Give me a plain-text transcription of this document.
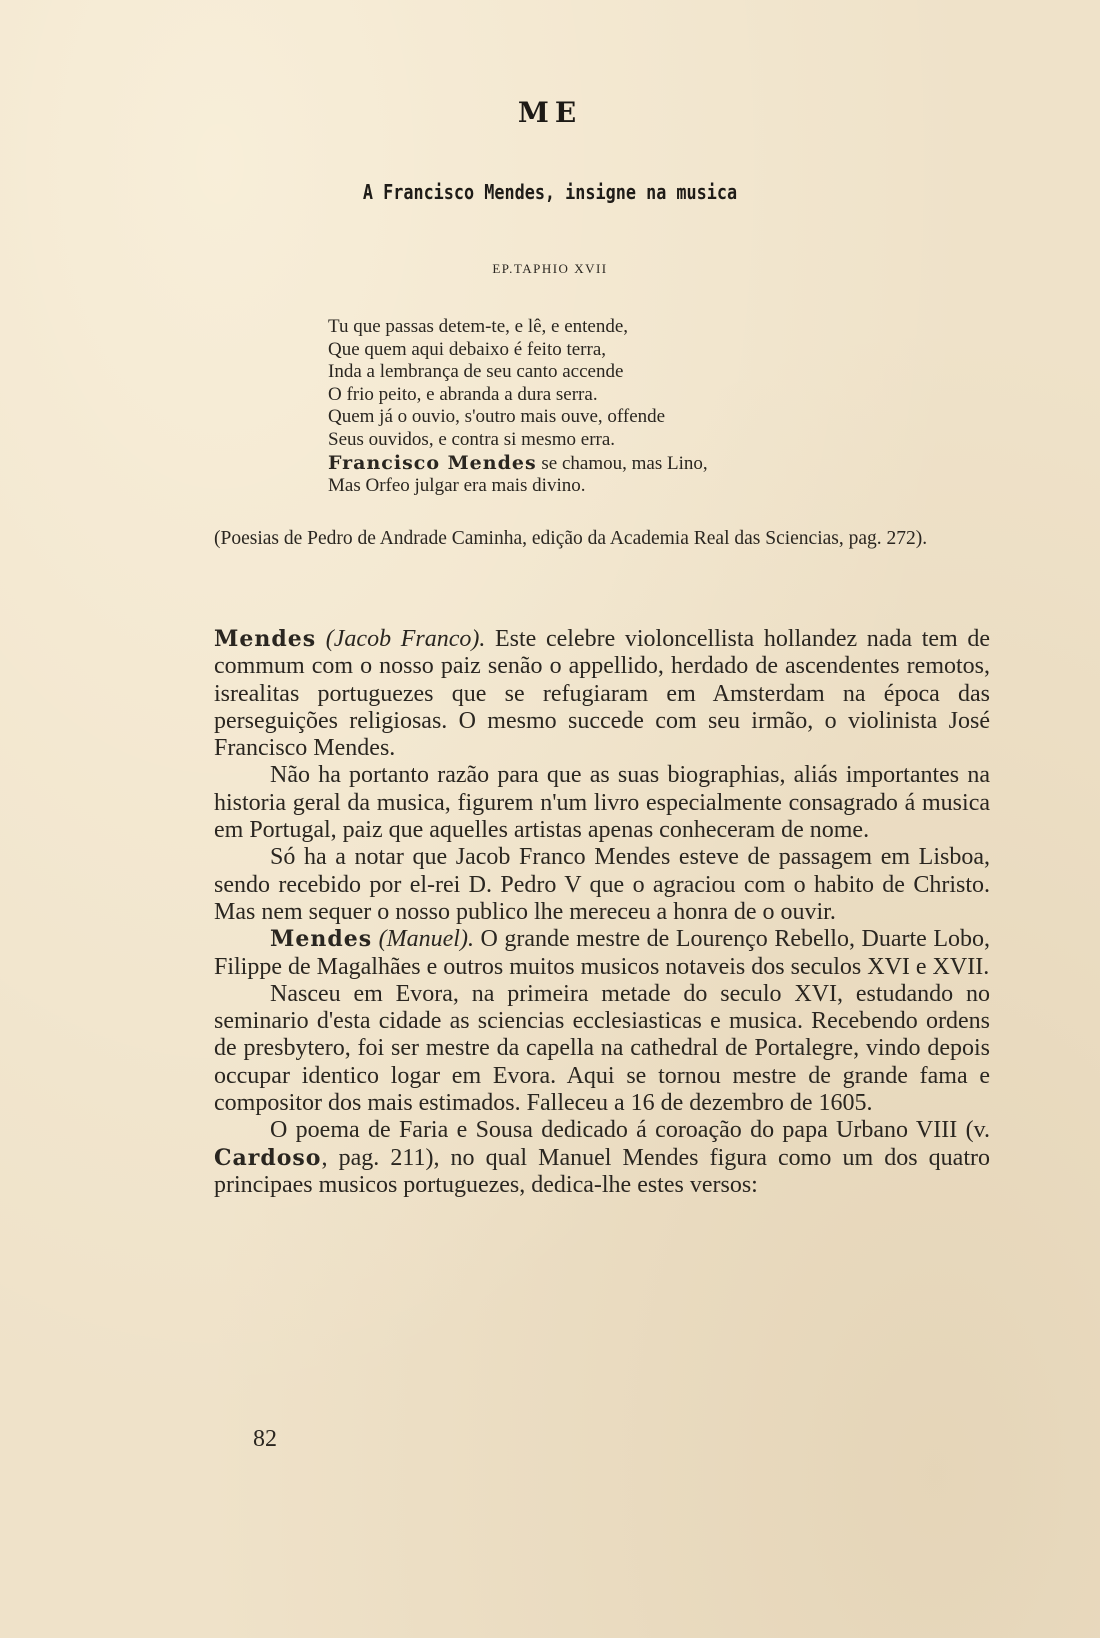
ME
A Francisco Mendes, insigne na musica
EP.TAPHIO XVII
Tu que passas detem-te, e lê, e entende,
Que quem aqui debaixo é feito terra,
Inda a lembrança de seu canto accende
O frio peito, e abranda a dura serra.
Quem já o ouvio, s'outro mais ouve, offende
Seus ouvidos, e contra si mesmo erra.
Francisco Mendes se chamou, mas Lino,
Mas Orfeo julgar era mais divino.
(Poesias de Pedro de Andrade Caminha, edição da Academia Real das Sciencias, pag. 272).

Mendes (Jacob Franco). Este celebre violoncellista hollandez nada tem de commum com o nosso paiz senão o appellido, herdado de ascendentes remotos, isrealitas portuguezes que se refugiaram em Amsterdam na época das perseguições religiosas. O mesmo succede com seu irmão, o violinista José Francisco Mendes.

Não ha portanto razão para que as suas biographias, aliás importantes na historia geral da musica, figurem n'um livro especialmente consagrado á musica em Portugal, paiz que aquelles artistas apenas conheceram de nome.

Só ha a notar que Jacob Franco Mendes esteve de passagem em Lisboa, sendo recebido por el-rei D. Pedro V que o agraciou com o habito de Christo. Mas nem sequer o nosso publico lhe mereceu a honra de o ouvir.

Mendes (Manuel). O grande mestre de Lourenço Rebello, Duarte Lobo, Filippe de Magalhães e outros muitos musicos notaveis dos seculos XVI e XVII.

Nasceu em Evora, na primeira metade do seculo XVI, estudando no seminario d'esta cidade as sciencias ecclesiasticas e musica. Recebendo ordens de presbytero, foi ser mestre da capella na cathedral de Portalegre, vindo depois occupar identico logar em Evora. Aqui se tornou mestre de grande fama e compositor dos mais estimados. Falleceu a 16 de dezembro de 1605.

O poema de Faria e Sousa dedicado á coroação do papa Urbano VIII (v. Cardoso, pag. 211), no qual Manuel Mendes figura como um dos quatro principaes musicos portuguezes, dedica-lhe estes versos:

82
